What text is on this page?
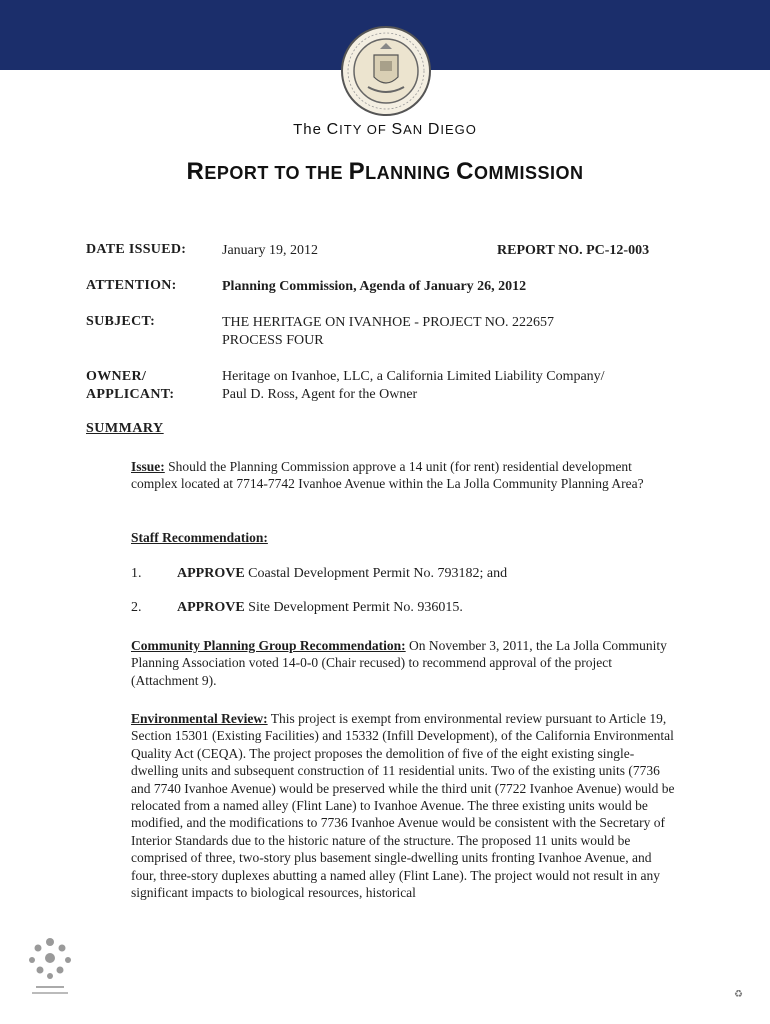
The CITY OF SAN DIEGO
REPORT TO THE PLANNING COMMISSION
DATE ISSUED:	January 19, 2012	REPORT NO. PC-12-003
ATTENTION:	Planning Commission, Agenda of January 26, 2012
SUBJECT:	THE HERITAGE ON IVANHOE - PROJECT NO. 222657
PROCESS FOUR
OWNER/
APPLICANT:
Heritage on Ivanhoe, LLC, a California Limited Liability Company/
Paul D. Ross, Agent for the Owner
SUMMARY
Issue: Should the Planning Commission approve a 14 unit (for rent) residential development complex located at 7714-7742 Ivanhoe Avenue within the La Jolla Community Planning Area?
Staff Recommendation:
1.	APPROVE Coastal Development Permit No. 793182; and
2.	APPROVE Site Development Permit No. 936015.
Community Planning Group Recommendation: On November 3, 2011, the La Jolla Community Planning Association voted 14-0-0 (Chair recused) to recommend approval of the project (Attachment 9).
Environmental Review: This project is exempt from environmental review pursuant to Article 19, Section 15301 (Existing Facilities) and 15332 (Infill Development), of the California Environmental Quality Act (CEQA). The project proposes the demolition of five of the eight existing single-dwelling units and subsequent construction of 11 residential units. Two of the existing units (7736 and 7740 Ivanhoe Avenue) would be preserved while the third unit (7722 Ivanhoe Avenue) would be relocated from a named alley (Flint Lane) to Ivanhoe Avenue. The three existing units would be modified, and the modifications to 7736 Ivanhoe Avenue would be consistent with the Secretary of Interior Standards due to the historic nature of the structure. The proposed 11 units would be comprised of three, two-story plus basement single-dwelling units fronting Ivanhoe Avenue, and four, three-story duplexes abutting a named alley (Flint Lane). The project would not result in any significant impacts to biological resources, historical
♻
